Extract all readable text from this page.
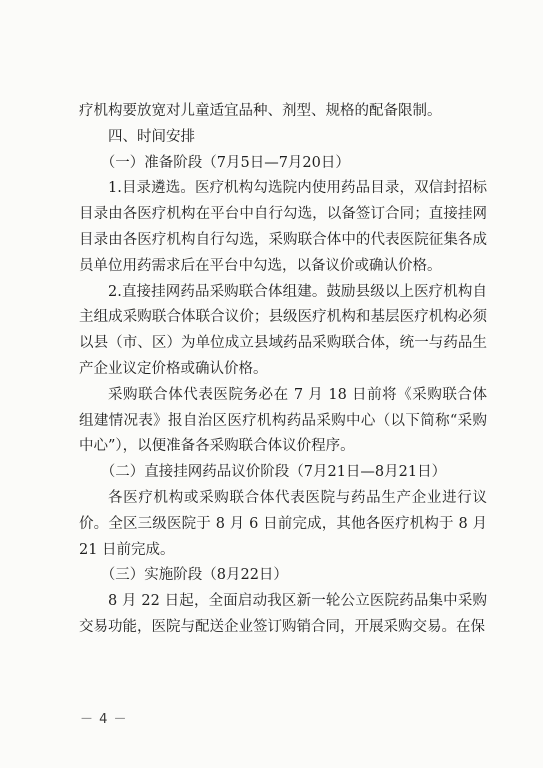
疗机构要放宽对儿童适宜品种、剂型、规格的配备限制。

四、时间安排

（一）准备阶段（7月5日—7月20日）

1.目录遴选。医疗机构勾选院内使用药品目录，双信封招标目录由各医疗机构在平台中自行勾选，以备签订合同；直接挂网目录由各医疗机构自行勾选，采购联合体中的代表医院征集各成员单位用药需求后在平台中勾选，以备议价或确认价格。

2.直接挂网药品采购联合体组建。鼓励县级以上医疗机构自主组成采购联合体联合议价；县级医疗机构和基层医疗机构必须以县（市、区）为单位成立县域药品采购联合体，统一与药品生产企业议定价格或确认价格。

采购联合体代表医院务必在 7 月 18 日前将《采购联合体组建情况表》报自治区医疗机构药品采购中心（以下简称“采购中心”），以便准备各采购联合体议价程序。

（二）直接挂网药品议价阶段（7月21日—8月21日）

各医疗机构或采购联合体代表医院与药品生产企业进行议价。全区三级医院于 8 月 6 日前完成，其他各医疗机构于 8 月 21 日前完成。

（三）实施阶段（8月22日）

8 月 22 日起，全面启动我区新一轮公立医院药品集中采购交易功能，医院与配送企业签订购销合同，开展采购交易。在保

－ 4 －
